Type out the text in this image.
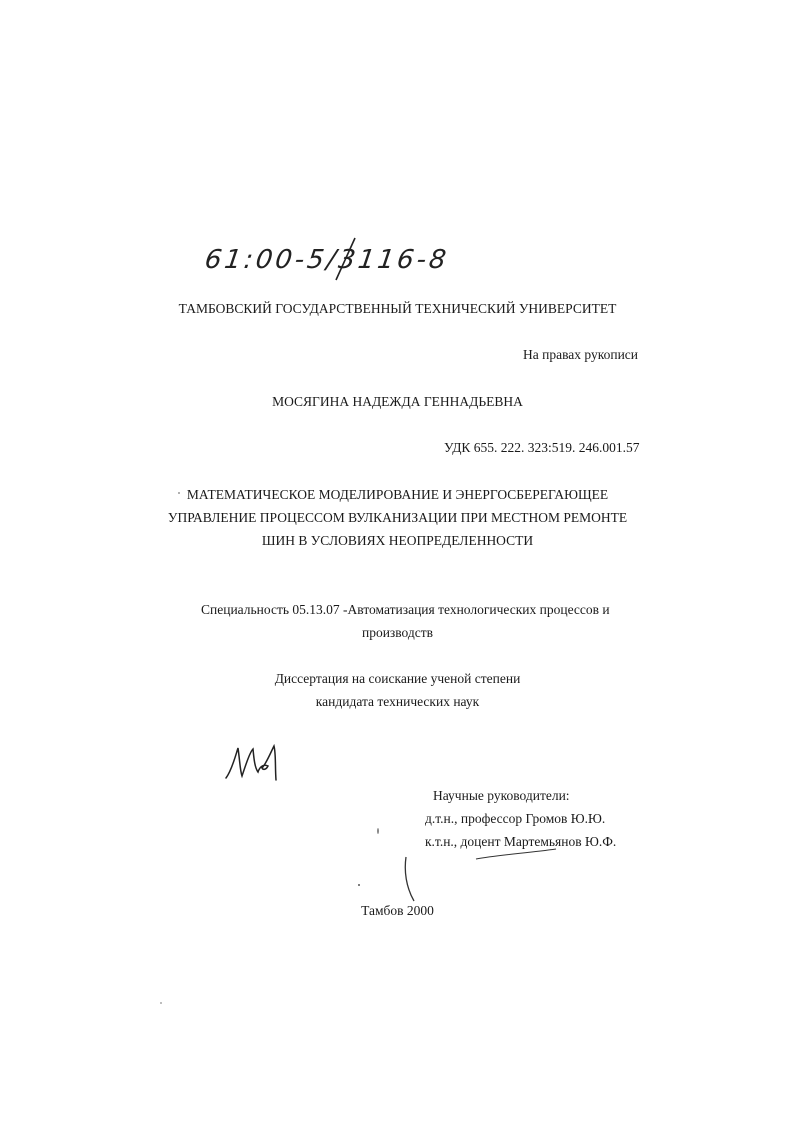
61:00-5/3116-8
ТАМБОВСКИЙ ГОСУДАРСТВЕННЫЙ ТЕХНИЧЕСКИЙ УНИВЕРСИТЕТ
На правах рукописи
МОСЯГИНА НАДЕЖДА ГЕННАДЬЕВНА
УДК 655. 222. 323:519. 246.001.57
МАТЕМАТИЧЕСКОЕ МОДЕЛИРОВАНИЕ И ЭНЕРГОСБЕРЕГАЮЩЕЕ
УПРАВЛЕНИЕ ПРОЦЕССОМ ВУЛКАНИЗАЦИИ ПРИ МЕСТНОМ РЕМОНТЕ
ШИН В УСЛОВИЯХ НЕОПРЕДЕЛЕННОСТИ
Специальность 05.13.07 -Автоматизация технологических процессов и
производств
Диссертация на соискание ученой степени
кандидата технических наук
Научные руководители:
д.т.н., профессор Громов Ю.Ю.
к.т.н., доцент Мартемьянов Ю.Ф.
Тамбов 2000
